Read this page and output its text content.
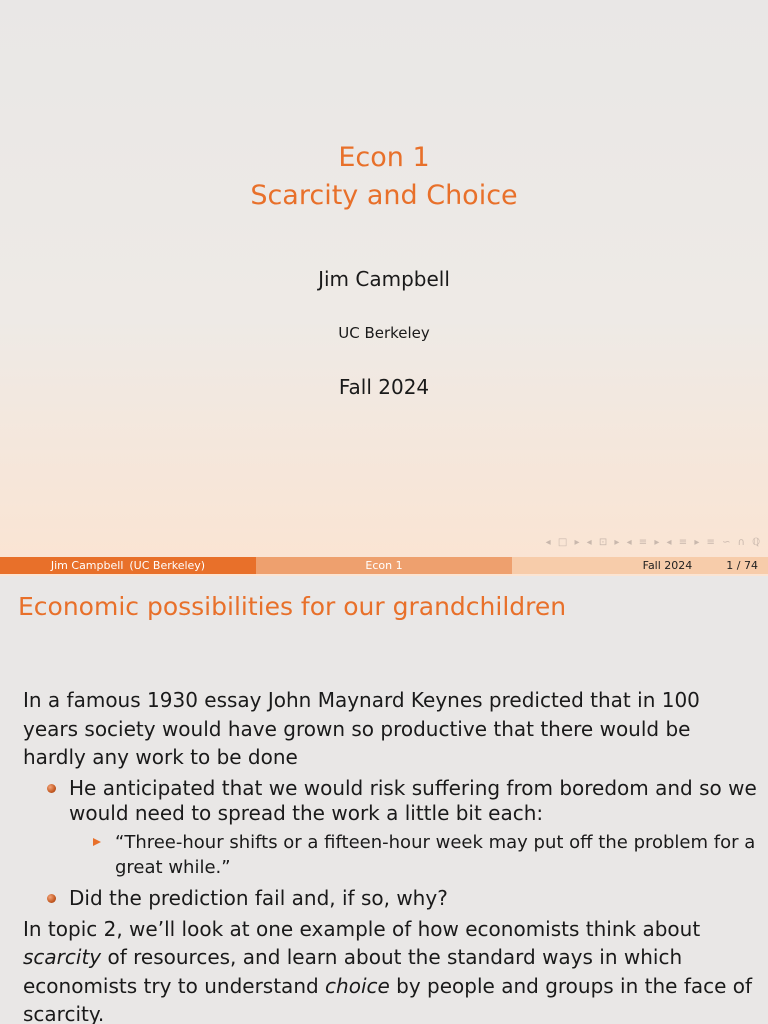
Econ 1
Scarcity and Choice
Jim Campbell
UC Berkeley
Fall 2024
◂ □ ▸ ◂ ⊡ ▸ ◂ ≡ ▸ ◂ ≡ ▸ ≡ ∽ ∩ ℚ
Jim Campbell (UC Berkeley)	Econ 1	Fall 2024	1 / 74
Economic possibilities for our grandchildren

In a famous 1930 essay John Maynard Keynes predicted that in 100 years society would have grown so productive that there would be hardly any work to be done

He anticipated that we would risk suffering from boredom and so we would need to spread the work a little bit each:
“Three-hour shifts or a fifteen-hour week may put off the problem for a great while.”
Did the prediction fail and, if so, why?

In topic 2, we’ll look at one example of how economists think about scarcity of resources, and learn about the standard ways in which economists try to understand choice by people and groups in the face of scarcity.
